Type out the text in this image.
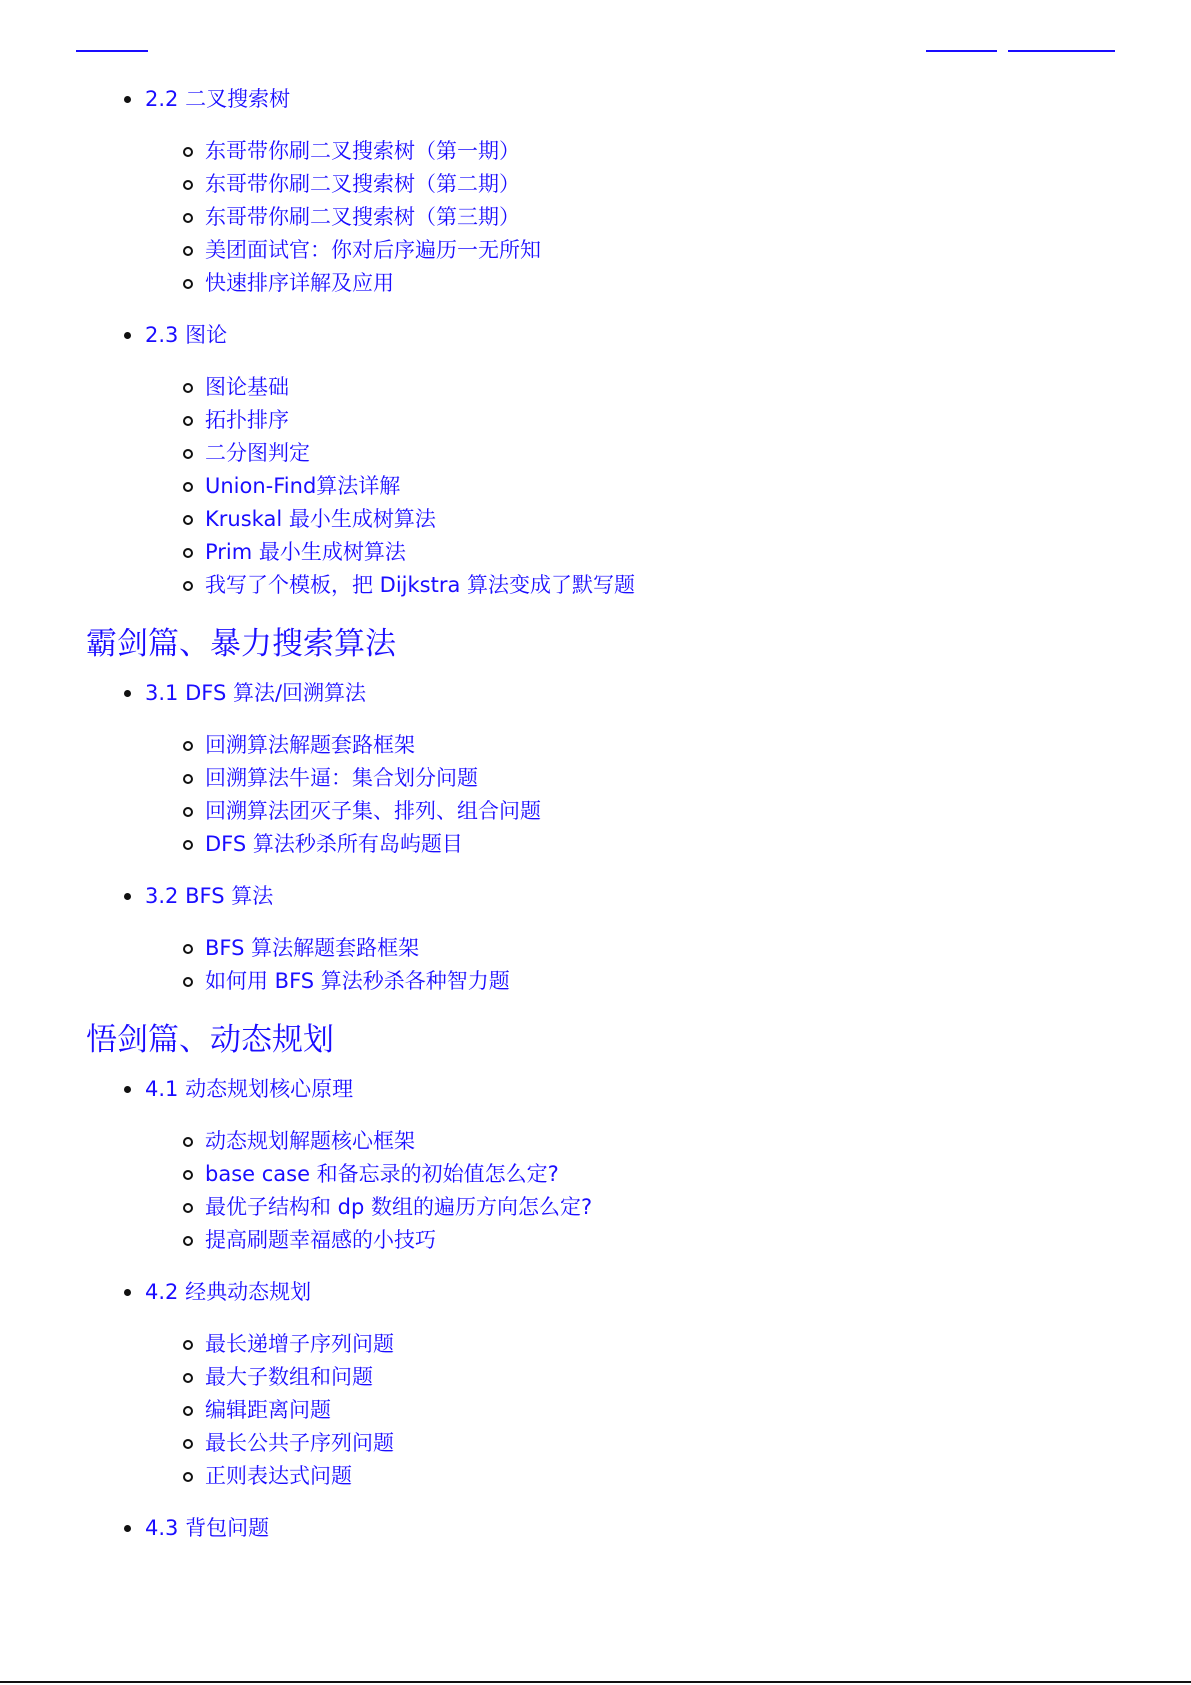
2.2 二叉搜索树
东哥带你刷二叉搜索树（第一期）
东哥带你刷二叉搜索树（第二期）
东哥带你刷二叉搜索树（第三期）
美团面试官：你对后序遍历一无所知
快速排序详解及应用
2.3 图论
图论基础
拓扑排序
二分图判定
Union-Find算法详解
Kruskal 最小生成树算法
Prim 最小生成树算法
我写了个模板，把 Dijkstra 算法变成了默写题
霸剑篇、暴力搜索算法
3.1 DFS 算法/回溯算法
回溯算法解题套路框架
回溯算法牛逼：集合划分问题
回溯算法团灭子集、排列、组合问题
DFS 算法秒杀所有岛屿题目
3.2 BFS 算法
BFS 算法解题套路框架
如何用 BFS 算法秒杀各种智力题
悟剑篇、动态规划
4.1 动态规划核心原理
动态规划解题核心框架
base case 和备忘录的初始值怎么定?
最优子结构和 dp 数组的遍历方向怎么定?
提高刷题幸福感的小技巧
4.2 经典动态规划
最长递增子序列问题
最大子数组和问题
编辑距离问题
最长公共子序列问题
正则表达式问题
4.3 背包问题
